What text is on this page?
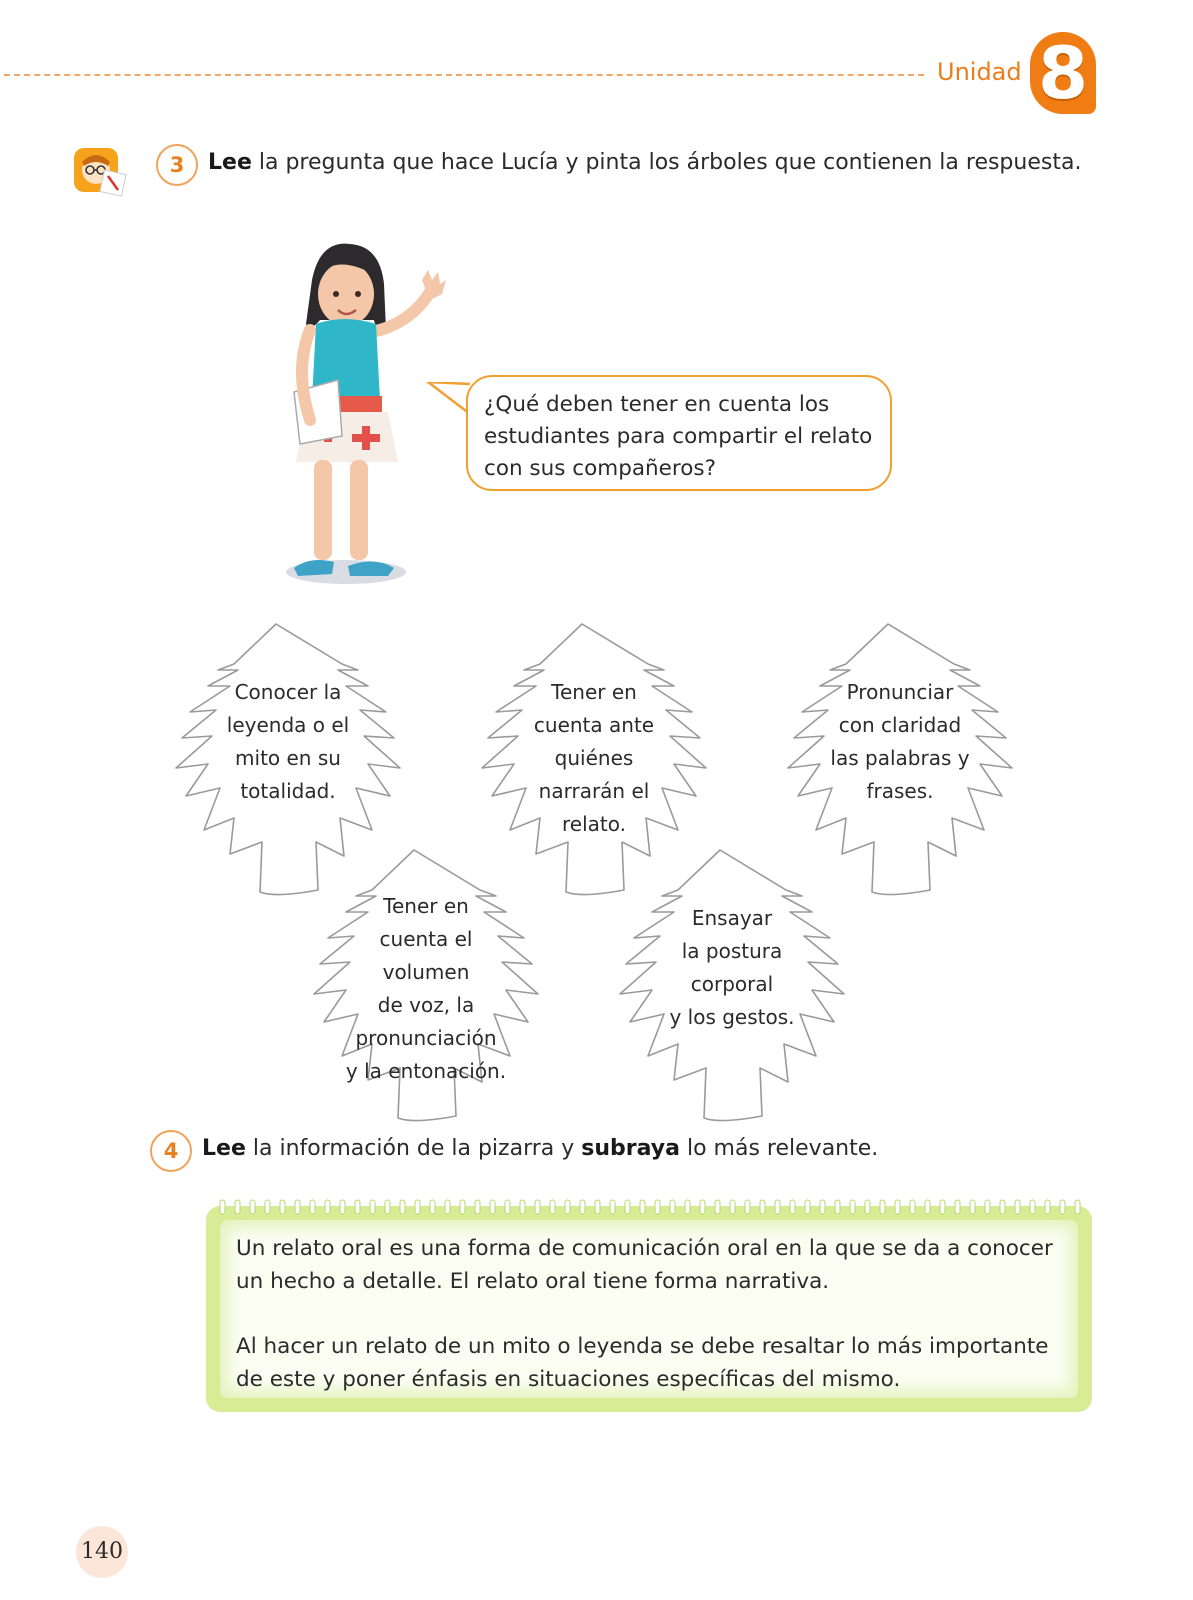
Unidad 8
3	Lee la pregunta que hace Lucía y pinta los árboles que contienen la respuesta.
¿Qué deben tener en cuenta los estudiantes para compartir el relato con sus compañeros?
Conocer la
leyenda o el
mito en su
totalidad.
Tener en
cuenta ante
quiénes
narrarán el
relato.
Pronunciar
con claridad
las palabras y
frases.
Tener en
cuenta el
volumen
de voz, la
pronunciación
y la entonación.
Ensayar
la postura
corporal
y los gestos.
4	Lee la información de la pizarra y subraya lo más relevante.
Un relato oral es una forma de comunicación oral en la que se da a conocer un hecho a detalle. El relato oral tiene forma narrativa.
Al hacer un relato de un mito o leyenda se debe resaltar lo más importante de este y poner énfasis en situaciones específicas del mismo.
140
